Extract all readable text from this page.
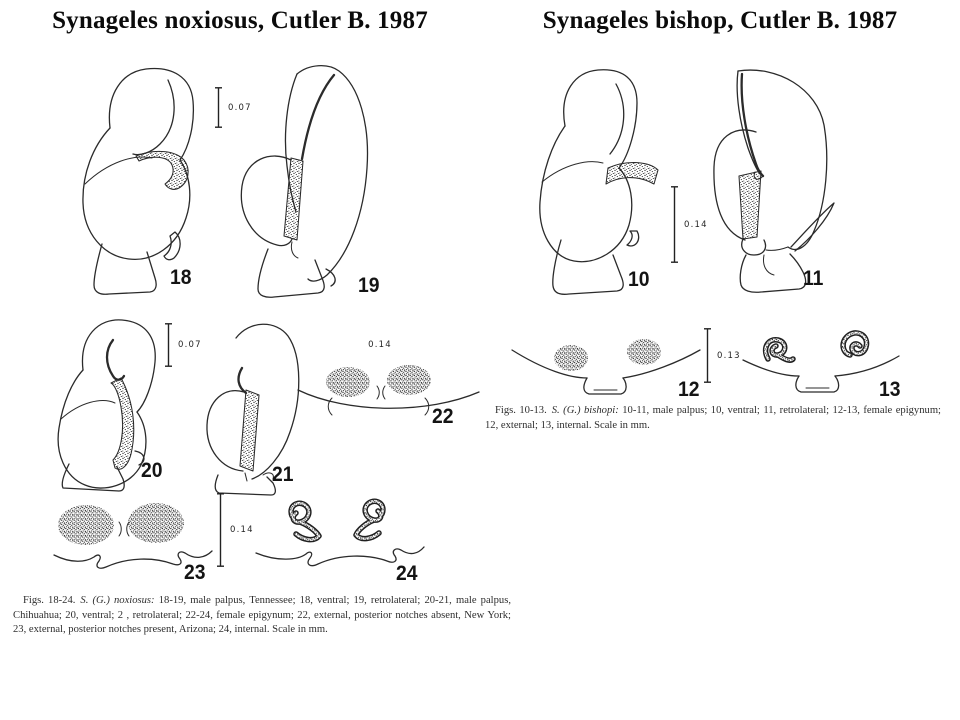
Synageles noxiosus, Cutler B. 1987
18	19
20	21
22
23	24
0.07
0.07	0.14
0.14
Figs. 18-24. S. (G.) noxiosus: 18-19, male palpus, Tennessee; 18, ventral; 19, retrolateral; 20-21, male palpus, Chihuahua; 20, ventral; 2 , retrolateral; 22-24, female epigynum; 22, external, posterior notches absent, New York; 23, external, posterior notches present, Arizona; 24, internal. Scale in mm.
Synageles bishop, Cutler B. 1987
10	11
12	13
0.14
0.13
Figs. 10-13. S. (G.) bishopi: 10-11, male palpus; 10, ventral; 11, retrolateral; 12-13, female epigynum; 12, external; 13, internal. Scale in mm.
